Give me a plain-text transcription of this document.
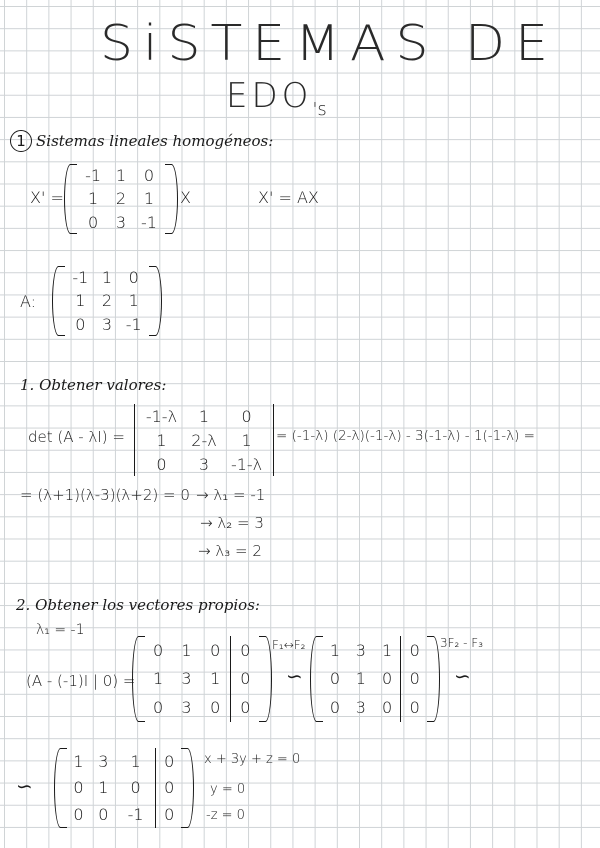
SiSTEMAS DE
$EDO_{'s}$
1 Sistemas lineales homogéneos:
X' =
-1	1	0
1	2	1
0	3	-1
X	X' = AX
A:
-1	1	0
1	2	1
0	3	-1
1. Obtener valores:
det (A - λI) =
-1-λ	1	0
1	2-λ	1
0	3	-1-λ
= (-1-λ) (2-λ)(-1-λ) - 3(-1-λ) - 1(-1-λ) =
= (λ+1)(λ-3)(λ+2) = 0 → λ₁ = -1
→ λ₂ = 3
→ λ₃ = 2
2. Obtener los vectores propios:
λ₁ = -1
(A - (-1)I | 0) =
0	1	0	0
1	3	1	0
0	3	0	0
F₁↔F₂
∽
1	3	1	0
0	1	0	0
0	3	0	0
3F₂ - F₃
∽
∽
1	3	1	0
0	1	0	0
0	0	-1	0
x + 3y + z = 0
y = 0
-z = 0
